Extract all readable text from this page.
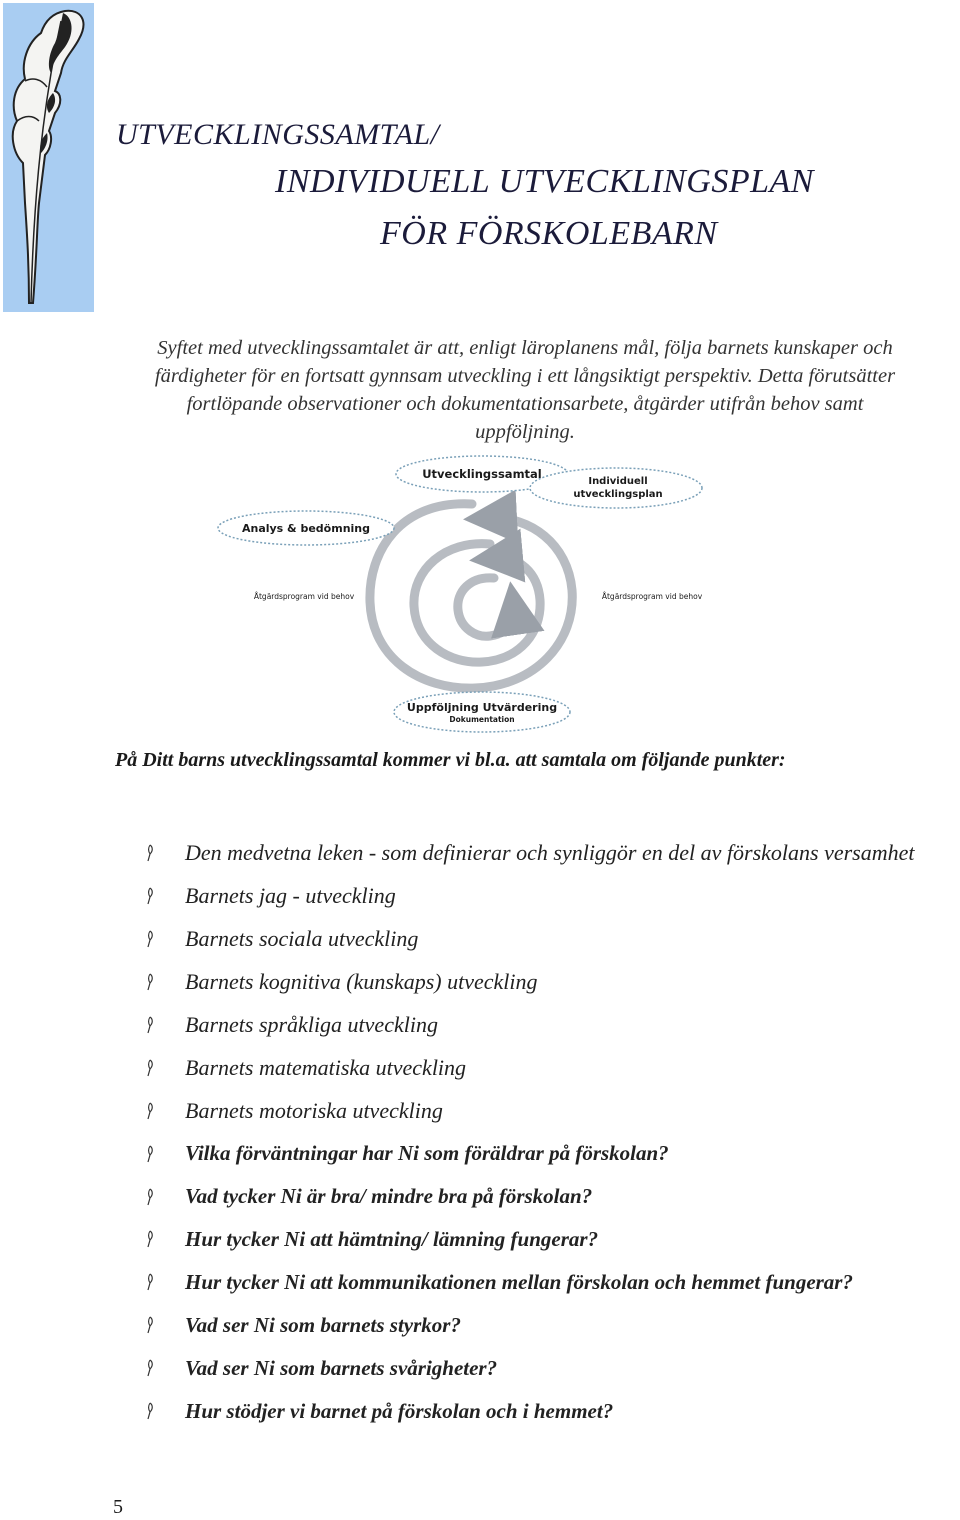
UTVECKLINGSSAMTAL/
INDIVIDUELL UTVECKLINGSPLAN
FÖR FÖRSKOLEBARN
Syftet med utvecklingssamtalet är att, enligt läroplanens mål, följa barnets kunskaper och färdigheter för en fortsatt gynnsam utveckling i ett långsiktigt perspektiv. Detta förutsätter fortlöpande observationer och dokumentationsarbete, åtgärder utifrån behov samt uppföljning.
Utvecklingssamtal
Individuell
utvecklingsplan
Analys & bedömning
Åtgärdsprogram vid behov	Åtgärdsprogram vid behov
Uppföljning Utvärdering
Dokumentation
På Ditt barns utvecklingssamtal kommer vi bl.a. att samtala om följande punkter:
Den medvetna leken - som definierar och synliggör en del av förskolans versamhet
Barnets jag - utveckling
Barnets sociala utveckling
Barnets kognitiva (kunskaps) utveckling
Barnets språkliga utveckling
Barnets matematiska utveckling
Barnets motoriska utveckling
Vilka förväntningar har Ni som föräldrar på förskolan?
Vad tycker Ni är bra/ mindre bra på förskolan?
Hur tycker Ni att hämtning/ lämning fungerar?
Hur tycker Ni att kommunikationen mellan förskolan och hemmet fungerar?
Vad ser Ni som barnets styrkor?
Vad ser Ni som barnets svårigheter?
Hur stödjer vi barnet på förskolan och i hemmet?
5
